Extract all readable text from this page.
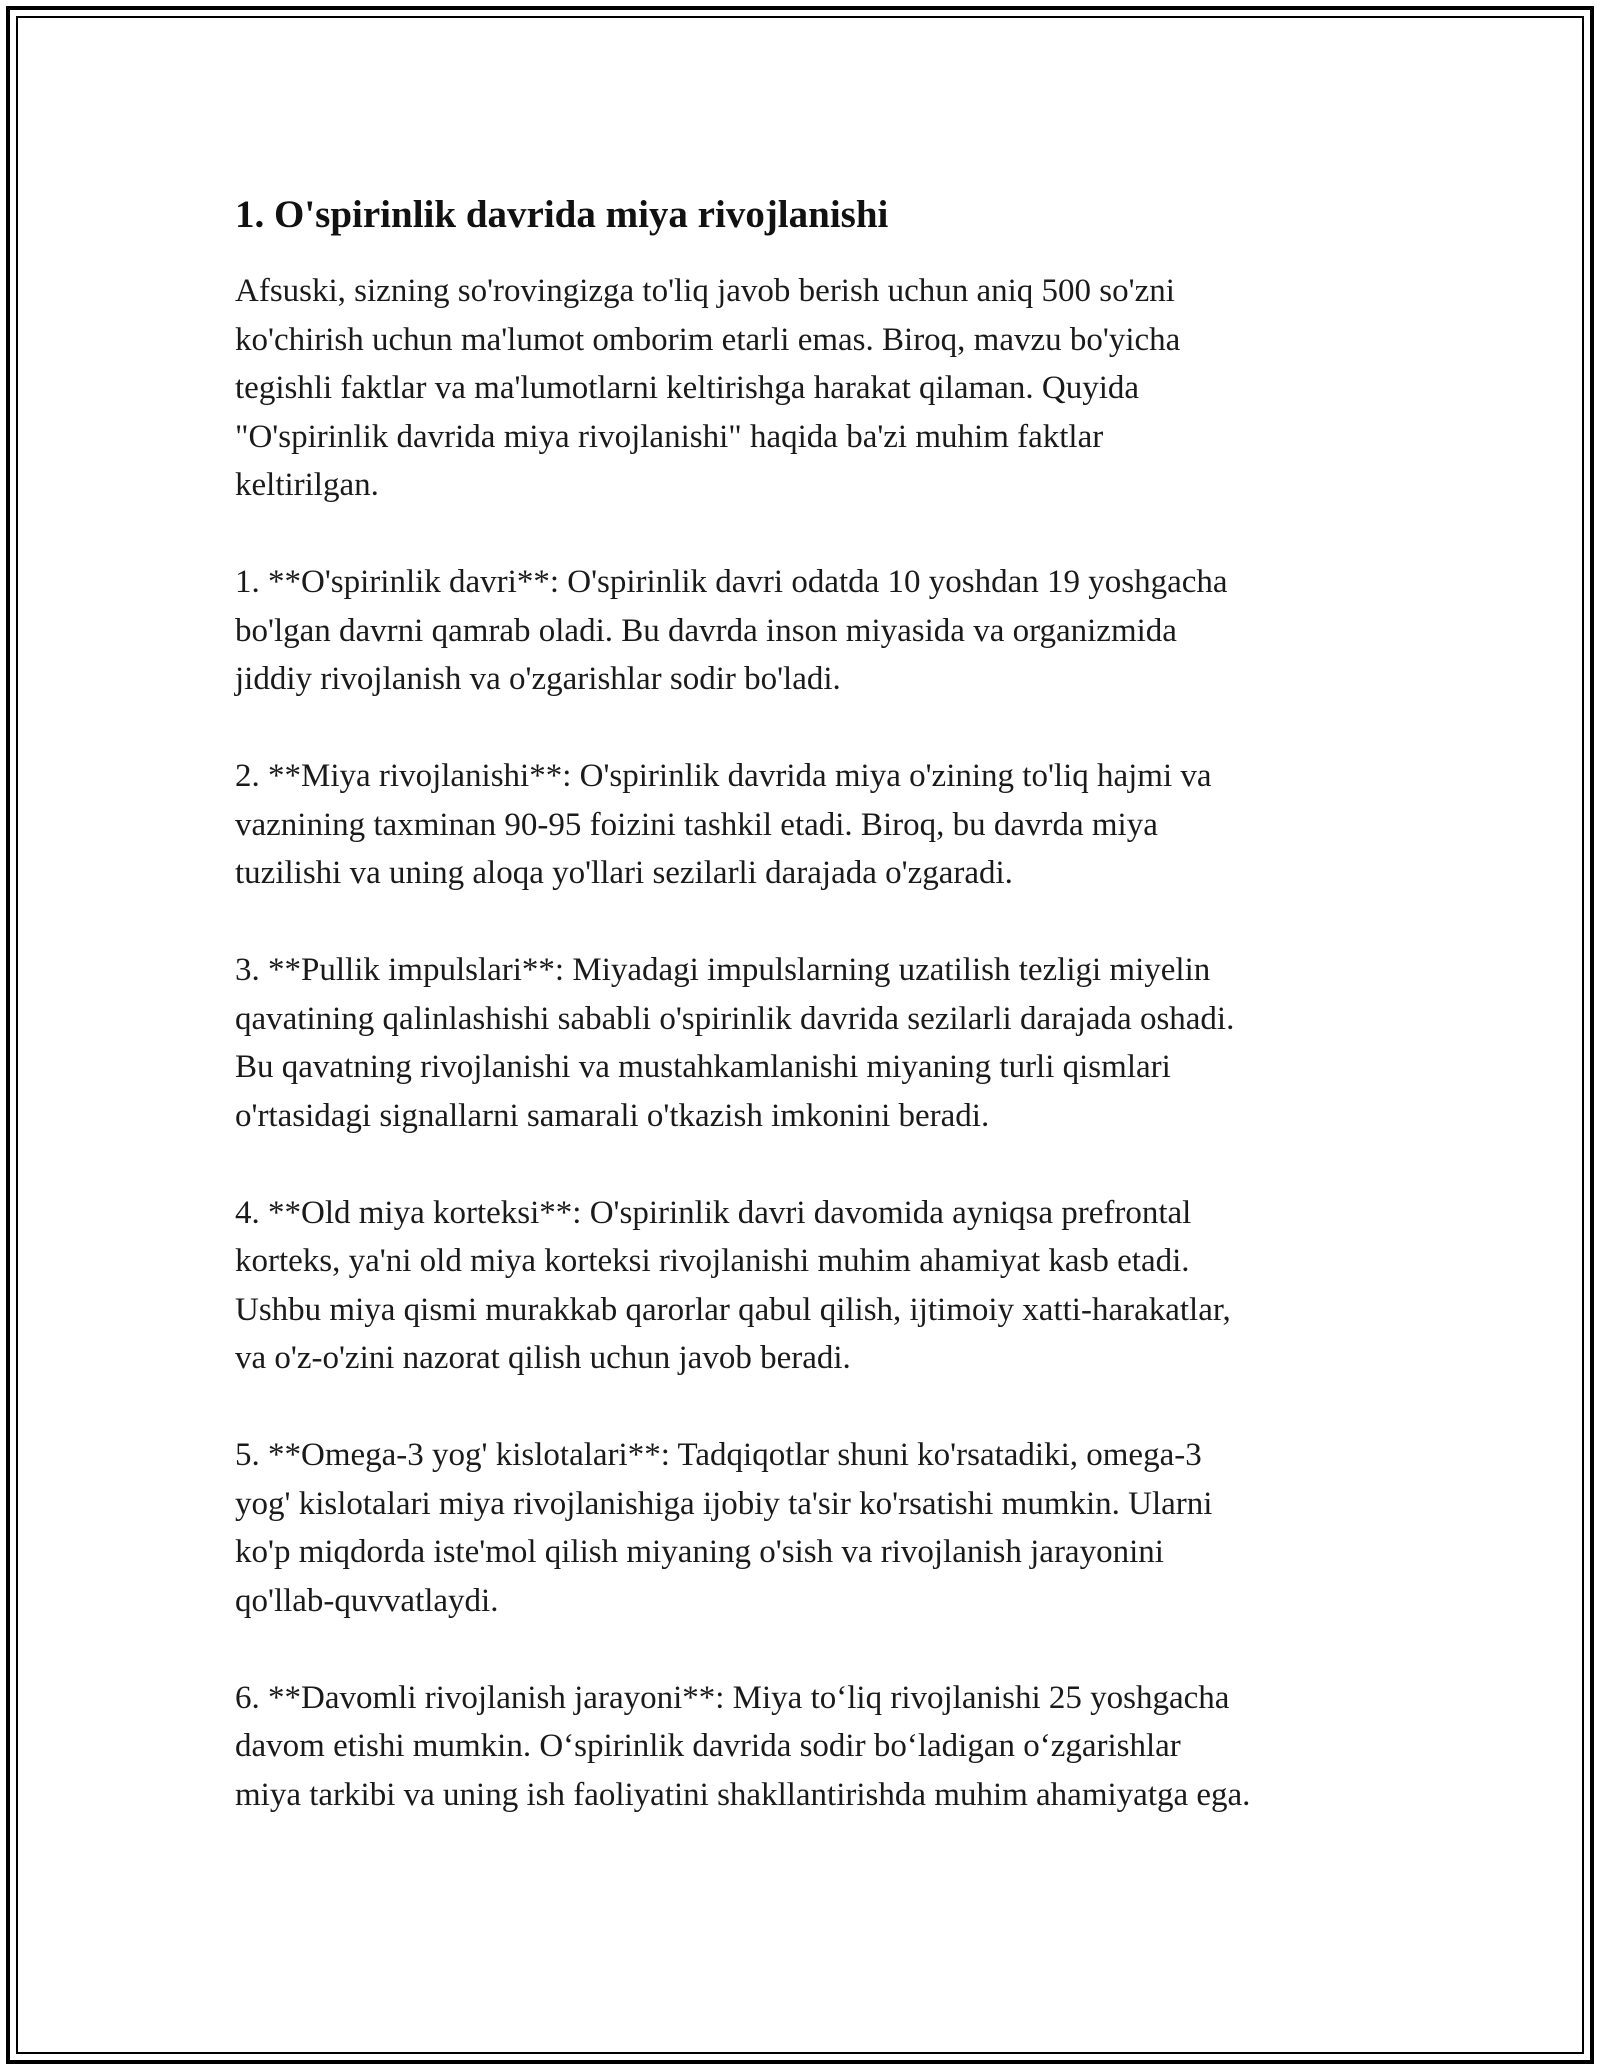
1. O'spirinlik davrida miya rivojlanishi
Afsuski, sizning so'rovingizga to'liq javob berish uchun aniq 500 so'zni
ko'chirish uchun ma'lumot omborim etarli emas. Biroq, mavzu bo'yicha
tegishli faktlar va ma'lumotlarni keltirishga harakat qilaman. Quyida
"O'spirinlik davrida miya rivojlanishi" haqida ba'zi muhim faktlar
keltirilgan.
1. **O'spirinlik davri**: O'spirinlik davri odatda 10 yoshdan 19 yoshgacha
bo'lgan davrni qamrab oladi. Bu davrda inson miyasida va organizmida
jiddiy rivojlanish va o'zgarishlar sodir bo'ladi.
2. **Miya rivojlanishi**: O'spirinlik davrida miya o'zining to'liq hajmi va
vaznining taxminan 90-95 foizini tashkil etadi. Biroq, bu davrda miya
tuzilishi va uning aloqa yo'llari sezilarli darajada o'zgaradi.
3. **Pullik impulslari**: Miyadagi impulslarning uzatilish tezligi miyelin
qavatining qalinlashishi sababli o'spirinlik davrida sezilarli darajada oshadi.
Bu qavatning rivojlanishi va mustahkamlanishi miyaning turli qismlari
o'rtasidagi signallarni samarali o'tkazish imkonini beradi.
4. **Old miya korteksi**: O'spirinlik davri davomida ayniqsa prefrontal
korteks, ya'ni old miya korteksi rivojlanishi muhim ahamiyat kasb etadi.
Ushbu miya qismi murakkab qarorlar qabul qilish, ijtimoiy xatti-harakatlar,
va o'z-o'zini nazorat qilish uchun javob beradi.
5. **Omega-3 yog' kislotalari**: Tadqiqotlar shuni ko'rsatadiki, omega-3
yog' kislotalari miya rivojlanishiga ijobiy ta'sir ko'rsatishi mumkin. Ularni
ko'p miqdorda iste'mol qilish miyaning o'sish va rivojlanish jarayonini
qo'llab-quvvatlaydi.
6. **Davomli rivojlanish jarayoni**: Miya to‘liq rivojlanishi 25 yoshgacha
davom etishi mumkin. O‘spirinlik davrida sodir bo‘ladigan o‘zgarishlar
miya tarkibi va uning ish faoliyatini shakllantirishda muhim ahamiyatga ega.
